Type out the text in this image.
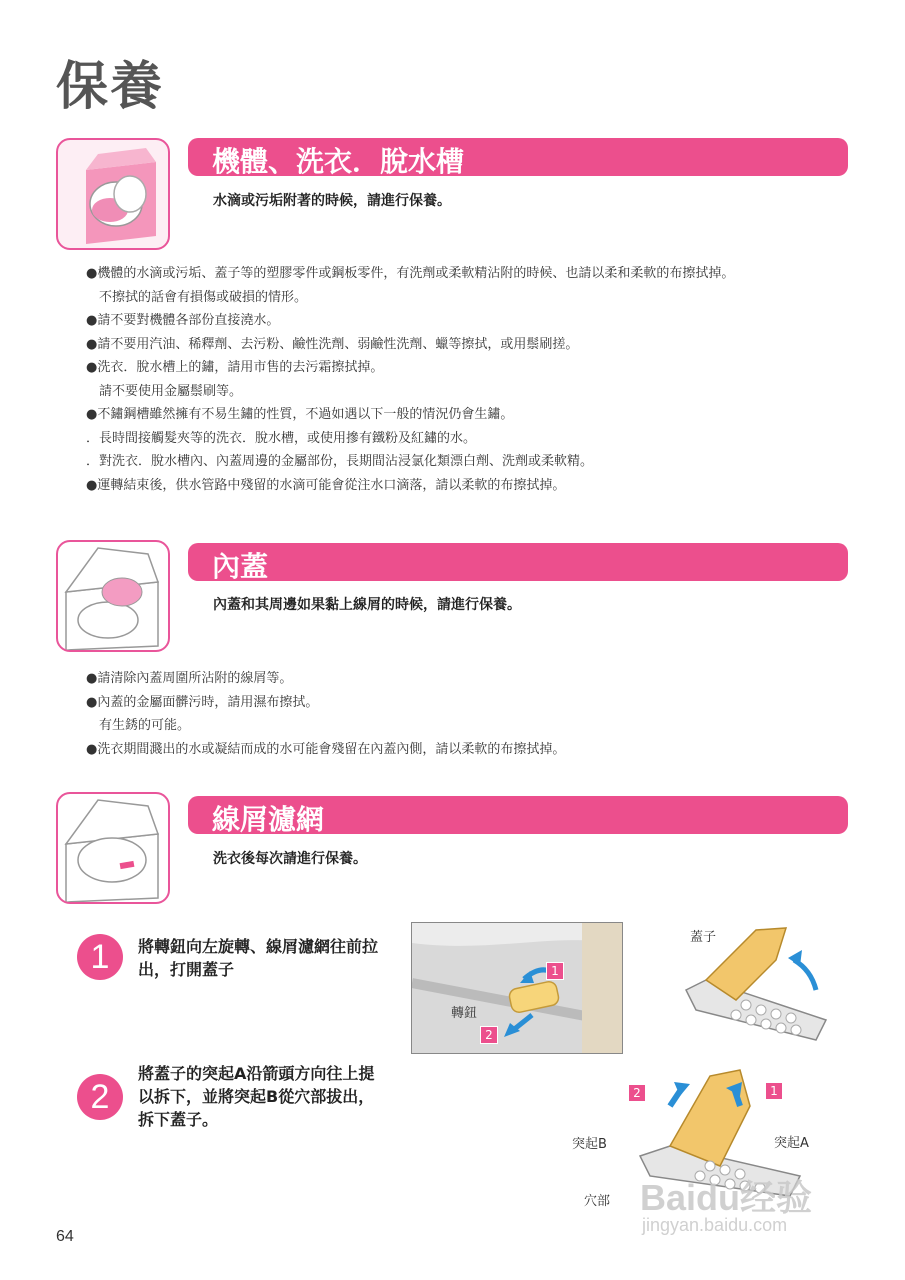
保養
機體、洗衣．脫水槽
水滴或污垢附著的時候，請進行保養。
●機體的水滴或污垢、蓋子等的塑膠零件或鋼板零件，有洗劑或柔軟精沾附的時候、也請以柔和柔軟的布擦拭掉。
　不擦拭的話會有損傷或破損的情形。
●請不要對機體各部份直接澆水。
●請不要用汽油、稀釋劑、去污粉、鹼性洗劑、弱鹼性洗劑、蠟等擦拭，或用鬃刷搓。
●洗衣．脫水槽上的鏽，請用市售的去污霜擦拭掉。
　請不要使用金屬鬃刷等。
●不鏽鋼槽雖然擁有不易生鏽的性質，不過如遇以下一般的情況仍會生鏽。
．長時間接觸髮夾等的洗衣．脫水槽，或使用摻有鐵粉及紅鏽的水。
．對洗衣．脫水槽內、內蓋周邊的金屬部份，長期間沾浸氯化類漂白劑、洗劑或柔軟精。
●運轉結束後，供水管路中殘留的水滴可能會從注水口滴落，請以柔軟的布擦拭掉。
內蓋
內蓋和其周邊如果黏上線屑的時候，請進行保養。
●請清除內蓋周圍所沾附的線屑等。
●內蓋的金屬面髒污時，請用濕布擦拭。
　有生銹的可能。
●洗衣期間濺出的水或凝結而成的水可能會殘留在內蓋內側，請以柔軟的布擦拭掉。
線屑濾網
洗衣後每次請進行保養。
1	將轉鈕向左旋轉、線屑濾網往前拉出，打開蓋子
轉鈕
1
2
蓋子
2
將蓋子的突起A沿箭頭方向往上提以拆下，並將突起B從穴部拔出，拆下蓋子。
2	1
突起B	突起A
穴部 Baidu经验
jingyan.baidu.com
64
